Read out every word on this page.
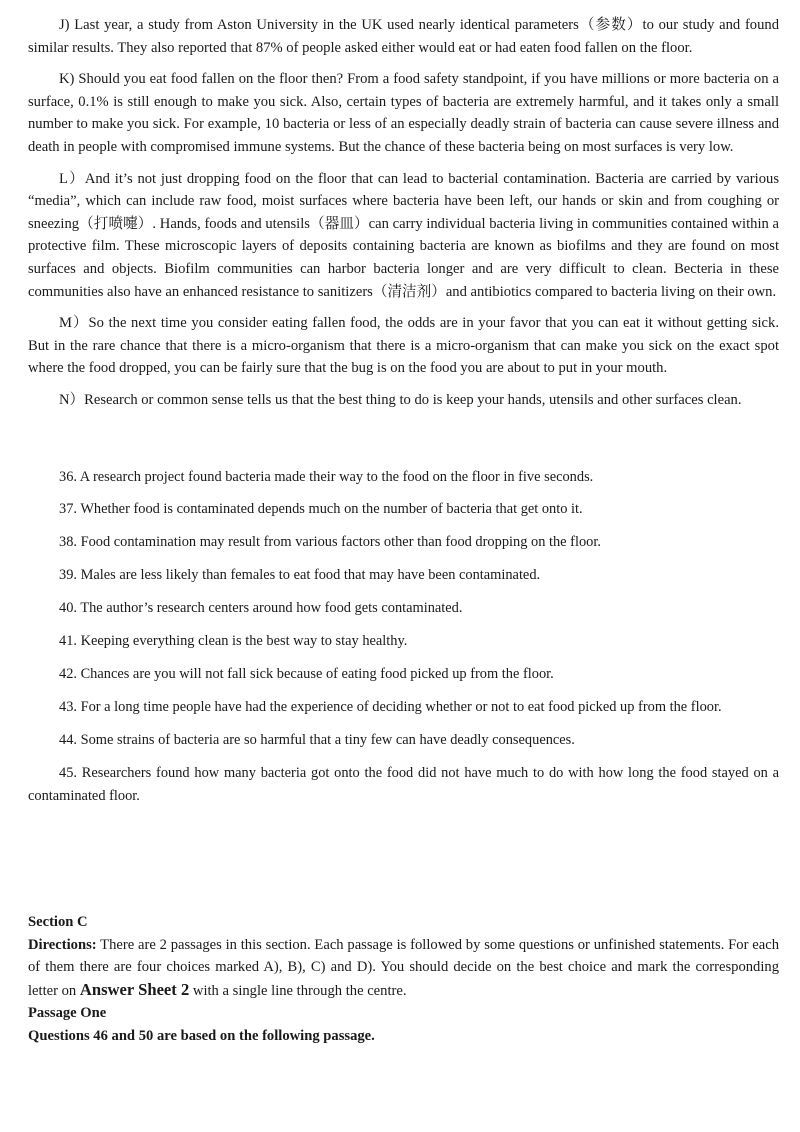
J) Last year, a study from Aston University in the UK used nearly identical parameters（参数）to our study and found similar results. They also reported that 87% of people asked either would eat or had eaten food fallen on the floor.

K) Should you eat food fallen on the floor then? From a food safety standpoint, if you have millions or more bacteria on a surface, 0.1% is still enough to make you sick. Also, certain types of bacteria are extremely harmful, and it takes only a small number to make you sick. For example, 10 bacteria or less of an especially deadly strain of bacteria can cause severe illness and death in people with compromised immune systems. But the chance of these bacteria being on most surfaces is very low.

L）And it’s not just dropping food on the floor that can lead to bacterial contamination. Bacteria are carried by various “media”, which can include raw food, moist surfaces where bacteria have been left, our hands or skin and from coughing or sneezing（打喷嚏）. Hands, foods and utensils（器皿）can carry individual bacteria living in communities contained within a protective film. These microscopic layers of deposits containing bacteria are known as biofilms and they are found on most surfaces and objects. Biofilm communities can harbor bacteria longer and are very difficult to clean. Becteria in these communities also have an enhanced resistance to sanitizers（清洁剂）and antibiotics compared to bacteria living on their own.

M）So the next time you consider eating fallen food, the odds are in your favor that you can eat it without getting sick. But in the rare chance that there is a micro-organism that there is a micro-organism that can make you sick on the exact spot where the food dropped, you can be fairly sure that the bug is on the food you are about to put in your mouth.

N）Research or common sense tells us that the best thing to do is keep your hands, utensils and other surfaces clean.

36. A research project found bacteria made their way to the food on the floor in five seconds.

37. Whether food is contaminated depends much on the number of bacteria that get onto it.

38. Food contamination may result from various factors other than food dropping on the floor.

39. Males are less likely than females to eat food that may have been contaminated.

40. The author’s research centers around how food gets contaminated.

41. Keeping everything clean is the best way to stay healthy.

42. Chances are you will not fall sick because of eating food picked up from the floor.

43. For a long time people have had the experience of deciding whether or not to eat food picked up from the floor.

44. Some strains of bacteria are so harmful that a tiny few can have deadly consequences.

45. Researchers found how many bacteria got onto the food did not have much to do with how long the food stayed on a contaminated floor.

Section C

Directions: There are 2 passages in this section. Each passage is followed by some questions or unfinished statements. For each of them there are four choices marked A), B), C) and D). You should decide on the best choice and mark the corresponding letter on Answer Sheet 2 with a single line through the centre.

Passage One

Questions 46 and 50 are based on the following passage.
